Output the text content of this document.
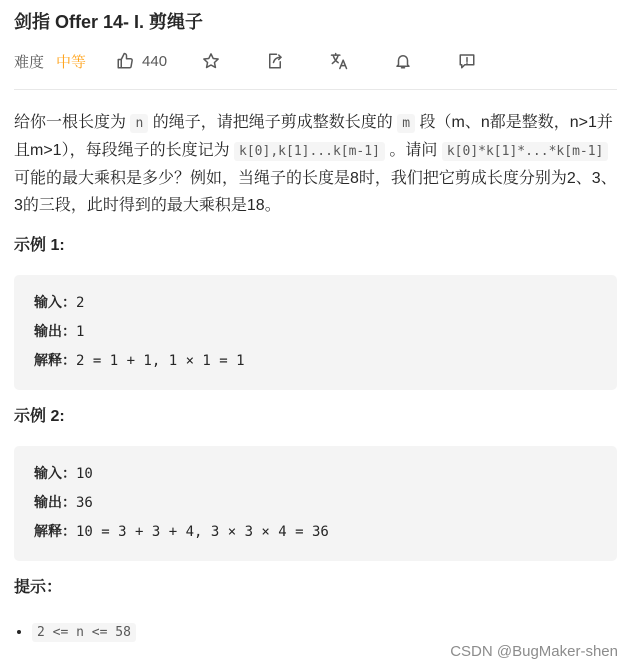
剑指 Offer 14- I. 剪绳子
难度 中等	440
给你一根长度为 n 的绳子，请把绳子剪成整数长度的 m 段（m、n都是整数，n>1并且m>1），每段绳子的长度记为 k[0],k[1]...k[m-1] 。请问 k[0]*k[1]*...*k[m-1] 可能的最大乘积是多少？例如，当绳子的长度是8时，我们把它剪成长度分别为2、3、3的三段，此时得到的最大乘积是18。
示例 1:
输入：2
输出：1
解释：2 = 1 + 1, 1 × 1 = 1
示例 2:
输入：10
输出：36
解释：10 = 3 + 3 + 4, 3 × 3 × 4 = 36
提示：
• 2 <= n <= 58
CSDN @BugMaker-shen
